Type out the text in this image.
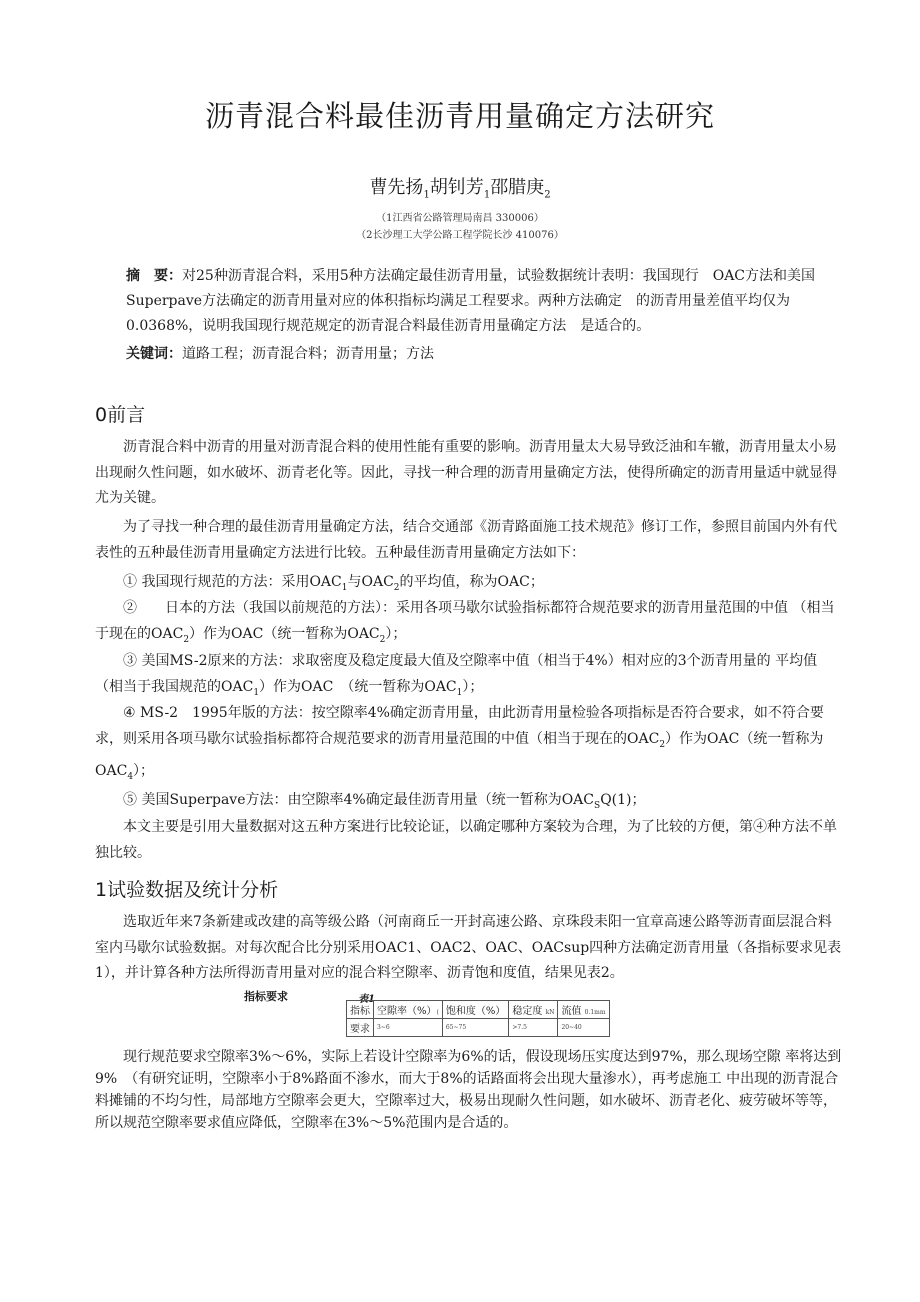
沥青混合料最佳沥青用量确定方法研究
曹先扬$_1$胡钊芳$_1$邵腊庚$_2$
（1江西省公路管理局南昌 330006）
（2长沙理工大学公路工程学院长沙 410076）
摘　要：对25种沥青混合料，采用5种方法确定最佳沥青用量，试验数据统计表明：我国现行　OAC方法和美国Superpave方法确定的沥青用量对应的体积指标均满足工程要求。两种方法确定　的沥青用量差值平均仅为0.0368%，说明我国现行规范规定的沥青混合料最佳沥青用量确定方法　是适合的。
关键词：道路工程；沥青混合料；沥青用量；方法
0前言
沥青混合料中沥青的用量对沥青混合料的使用性能有重要的影响。沥青用量太大易导致泛油和车辙，沥青用量太小易出现耐久性问题，如水破坏、沥青老化等。因此，寻找一种合理的沥青用量确定方法，使得所确定的沥青用量适中就显得尤为关键。
为了寻找一种合理的最佳沥青用量确定方法，结合交通部《沥青路面施工技术规范》修订工作，参照目前国内外有代表性的五种最佳沥青用量确定方法进行比较。五种最佳沥青用量确定方法如下：
① 我国现行规范的方法：采用$OAC_1$与$OAC_2$的平均值，称为OAC；
②　　日本的方法（我国以前规范的方法）：采用各项马歇尔试验指标都符合规范要求的沥青用量范围的中值 （相当于现在的$OAC_2$）作为OAC（统一暂称为$OAC_2$）；
③ 美国MS-2原来的方法：求取密度及稳定度最大值及空隙率中值（相当于4%）相对应的3个沥青用量的 平均值（相当于我国规范的$OAC_1$）作为OAC　（统一暂称为$OAC_1$）；
④ MS-2　1995年版的方法：按空隙率4%确定沥青用量，由此沥青用量检验各项指标是否符合要求，如不符合要求，则采用各项马歇尔试验指标都符合规范要求的沥青用量范围的中值（相当于现在的$OAC_2$）作为OAC（统一暂称为$OAC_4$）；
⑤ 美国Superpave方法：由空隙率4%确定最佳沥青用量（统一暂称为$OAC_SQ(1)$；
本文主要是引用大量数据对这五种方案进行比较论证，以确定哪种方案较为合理，为了比较的方便，第④种方法不单独比较。
1试验数据及统计分析
选取近年来7条新建或改建的高等级公路（河南商丘一开封高速公路、京珠段耒阳一宜章高速公路等沥青面层混合料室内马歇尔试验数据。对每次配合比分别采用OAC1、OAC2、OAC、OACsup四种方法确定沥青用量（各指标要求见表1），并计算各种方法所得沥青用量对应的混合料空隙率、沥青饱和度值，结果见表2。
指标要求	表1
指标	空隙率（%）(	饱和度（%）	稳定度 kN	流值 0.1mm
要求	3~6	65~75	>7.5	20~40
现行规范要求空隙率3%〜6%，实际上若设计空隙率为6%的话，假设现场压实度达到97%，那么现场空隙 率将达到9%　（有研究证明，空隙率小于8%路面不渗水，而大于8%的话路面将会出现大量渗水），再考虑施工 中出现的沥青混合料摊铺的不均匀性，局部地方空隙率会更大，空隙率过大，极易出现耐久性问题，如水破坏、沥青老化、疲劳破坏等等，所以规范空隙率要求值应降低，空隙率在3%〜5%范围内是合适的。
